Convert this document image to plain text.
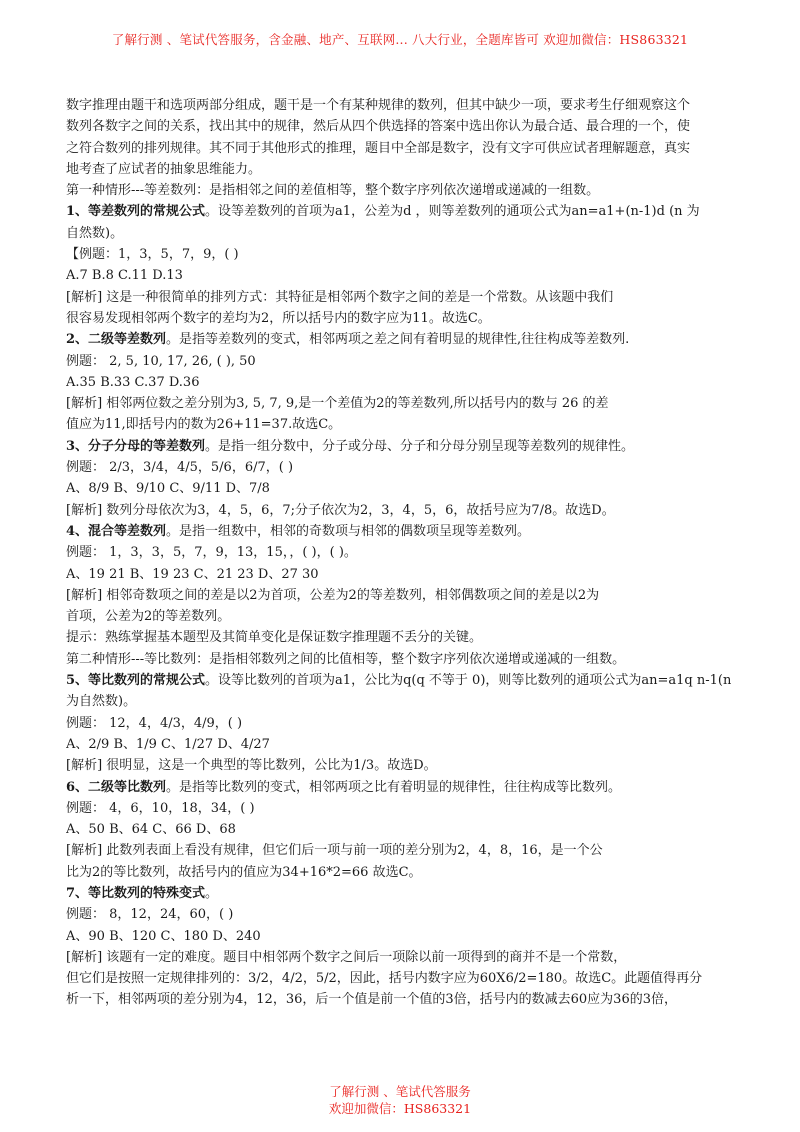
了解行测 、笔试代答服务，含金融、地产、互联网... 八大行业，全题库皆可 欢迎加微信：HS863321
数字推理由题干和选项两部分组成，题干是一个有某种规律的数列，但其中缺少一项，要求考生仔细观察这个
数列各数字之间的关系，找出其中的规律，然后从四个供选择的答案中选出你认为最合适、最合理的一个，使
之符合数列的排列规律。其不同于其他形式的推理，题目中全部是数字，没有文字可供应试者理解题意，真实
地考查了应试者的抽象思维能力。
第一种情形---等差数列：是指相邻之间的差值相等，整个数字序列依次递增或递减的一组数。
1、等差数列的常规公式。设等差数列的首项为a1，公差为d ，则等差数列的通项公式为an=a1+(n-1)d (n 为
自然数)。
【例题：1，3，5，7，9，( )
A.7 B.8 C.11 D.13
[解析] 这是一种很简单的排列方式：其特征是相邻两个数字之间的差是一个常数。从该题中我们
很容易发现相邻两个数字的差均为2，所以括号内的数字应为11。故选C。
2、二级等差数列。是指等差数列的变式，相邻两项之差之间有着明显的规律性,往往构成等差数列.
例题： 2, 5, 10, 17, 26, ( ), 50
A.35 B.33 C.37 D.36
[解析] 相邻两位数之差分别为3, 5, 7, 9,是一个差值为2的等差数列,所以括号内的数与 26 的差
值应为11,即括号内的数为26+11=37.故选C。
3、分子分母的等差数列。是指一组分数中，分子或分母、分子和分母分别呈现等差数列的规律性。
例题： 2/3，3/4，4/5，5/6，6/7，( )
A、8/9 B、9/10 C、9/11 D、7/8
[解析] 数列分母依次为3，4，5，6，7;分子依次为2，3，4，5，6，故括号应为7/8。故选D。
4、混合等差数列。是指一组数中，相邻的奇数项与相邻的偶数项呈现等差数列。
例题： 1，3，3，5，7，9，13，15，，( )，( )。
A、19 21 B、19 23 C、21 23 D、27 30
[解析] 相邻奇数项之间的差是以2为首项，公差为2的等差数列，相邻偶数项之间的差是以2为
首项，公差为2的等差数列。
提示：熟练掌握基本题型及其简单变化是保证数字推理题不丢分的关键。
第二种情形---等比数列：是指相邻数列之间的比值相等，整个数字序列依次递增或递减的一组数。
5、等比数列的常规公式。设等比数列的首项为a1，公比为q(q 不等于 0)，则等比数列的通项公式为an=a1q n-1(n
为自然数)。
例题： 12，4，4/3，4/9，( )
A、2/9 B、1/9 C、1/27 D、4/27
[解析] 很明显，这是一个典型的等比数列，公比为1/3。故选D。
6、二级等比数列。是指等比数列的变式，相邻两项之比有着明显的规律性，往往构成等比数列。
例题： 4，6，10，18，34，( )
A、50 B、64 C、66 D、68
[解析] 此数列表面上看没有规律，但它们后一项与前一项的差分别为2，4，8，16，是一个公
比为2的等比数列，故括号内的值应为34+16*2=66 故选C。
7、等比数列的特殊变式。
例题： 8，12，24，60，( )
A、90 B、120 C、180 D、240
[解析] 该题有一定的难度。题目中相邻两个数字之间后一项除以前一项得到的商并不是一个常数，
但它们是按照一定规律排列的：3/2，4/2，5/2，因此，括号内数字应为60X6/2=180。故选C。此题值得再分
析一下，相邻两项的差分别为4，12，36，后一个值是前一个值的3倍，括号内的数减去60应为36的3倍，
了解行测 、笔试代答服务
欢迎加微信：HS863321
